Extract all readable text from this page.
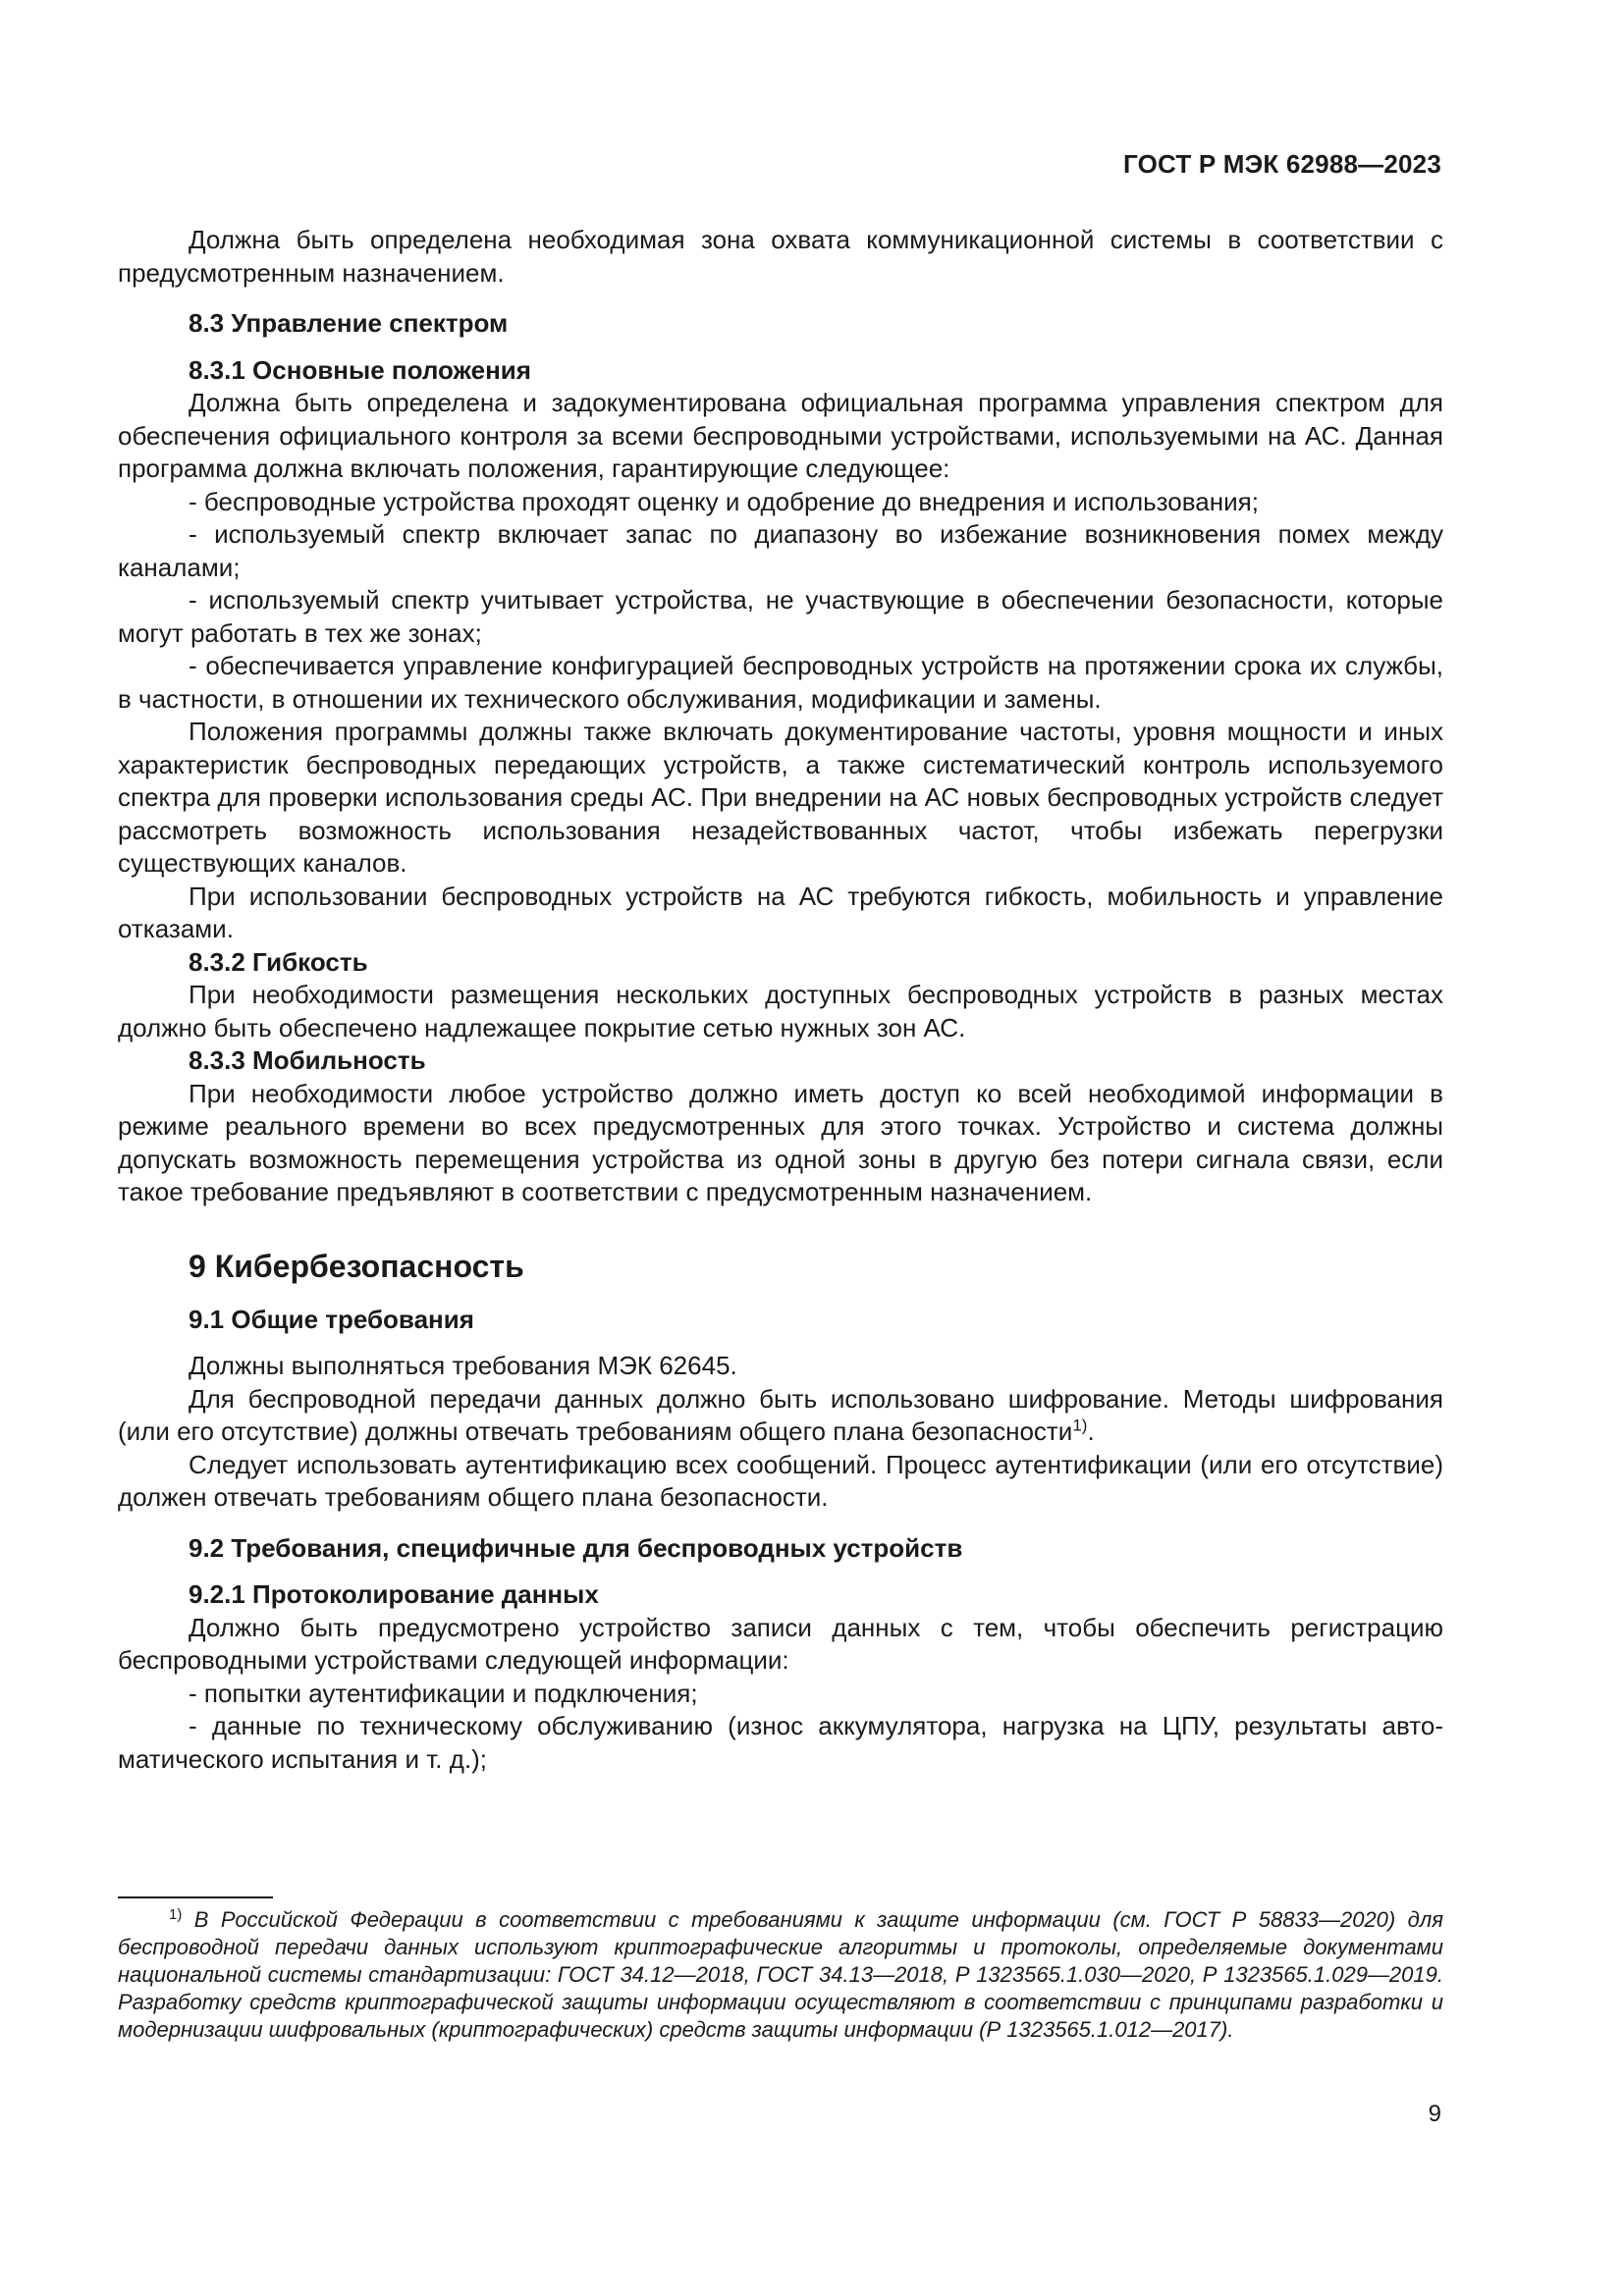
ГОСТ Р МЭК 62988—2023

Должна быть определена необходимая зона охвата коммуникационной системы в соответствии с предусмотренным назначением.

8.3 Управление спектром

8.3.1 Основные положения

Должна быть определена и задокументирована официальная программа управления спектром для обеспечения официального контроля за всеми беспроводными устройствами, используемыми на АС. Данная программа должна включать положения, гарантирующие следующее:

- беспроводные устройства проходят оценку и одобрение до внедрения и использования;

- используемый спектр включает запас по диапазону во избежание возникновения помех между каналами;

- используемый спектр учитывает устройства, не участвующие в обеспечении безопасности, которые могут работать в тех же зонах;

- обеспечивается управление конфигурацией беспроводных устройств на протяжении срока их службы, в частности, в отношении их технического обслуживания, модификации и замены.

Положения программы должны также включать документирование частоты, уровня мощности и иных характеристик беспроводных передающих устройств, а также систематический контроль используемого спектра для проверки использования среды АС. При внедрении на АС новых беспроводных устройств следует рассмотреть возможность использования незадействованных частот, чтобы избежать перегрузки существующих каналов.

При использовании беспроводных устройств на АС требуются гибкость, мобильность и управление отказами.

8.3.2 Гибкость

При необходимости размещения нескольких доступных беспроводных устройств в разных местах должно быть обеспечено надлежащее покрытие сетью нужных зон АС.

8.3.3 Мобильность

При необходимости любое устройство должно иметь доступ ко всей необходимой информации в режиме реального времени во всех предусмотренных для этого точках. Устройство и система должны допускать возможность перемещения устройства из одной зоны в другую без потери сигнала связи, если такое требование предъявляют в соответствии с предусмотренным назначением.

9 Кибербезопасность

9.1 Общие требования

Должны выполняться требования МЭК 62645.

Для беспроводной передачи данных должно быть использовано шифрование. Методы шифрования (или его отсутствие) должны отвечать требованиям общего плана безопасности$^{1)}$.

Следует использовать аутентификацию всех сообщений. Процесс аутентификации (или его отсутствие) должен отвечать требованиям общего плана безопасности.

9.2 Требования, специфичные для беспроводных устройств

9.2.1 Протоколирование данных

Должно быть предусмотрено устройство записи данных с тем, чтобы обеспечить регистрацию беспроводными устройствами следующей информации:

- попытки аутентификации и подключения;

- данные по техническому обслуживанию (износ аккумулятора, нагрузка на ЦПУ, результаты автоматического испытания и т. д.);

$^{1)}$ В Российской Федерации в соответствии с требованиями к защите информации (см. ГОСТ Р 58833—2020) для беспроводной передачи данных используют криптографические алгоритмы и протоколы, определяемые документами национальной системы стандартизации: ГОСТ 34.12—2018, ГОСТ 34.13—2018, Р 1323565.1.030—2020, Р 1323565.1.029—2019. Разработку средств криптографической защиты информации осуществляют в соответствии с принципами разработки и модернизации шифровальных (криптографических) средств защиты информации (Р 1323565.1.012—2017).
9
